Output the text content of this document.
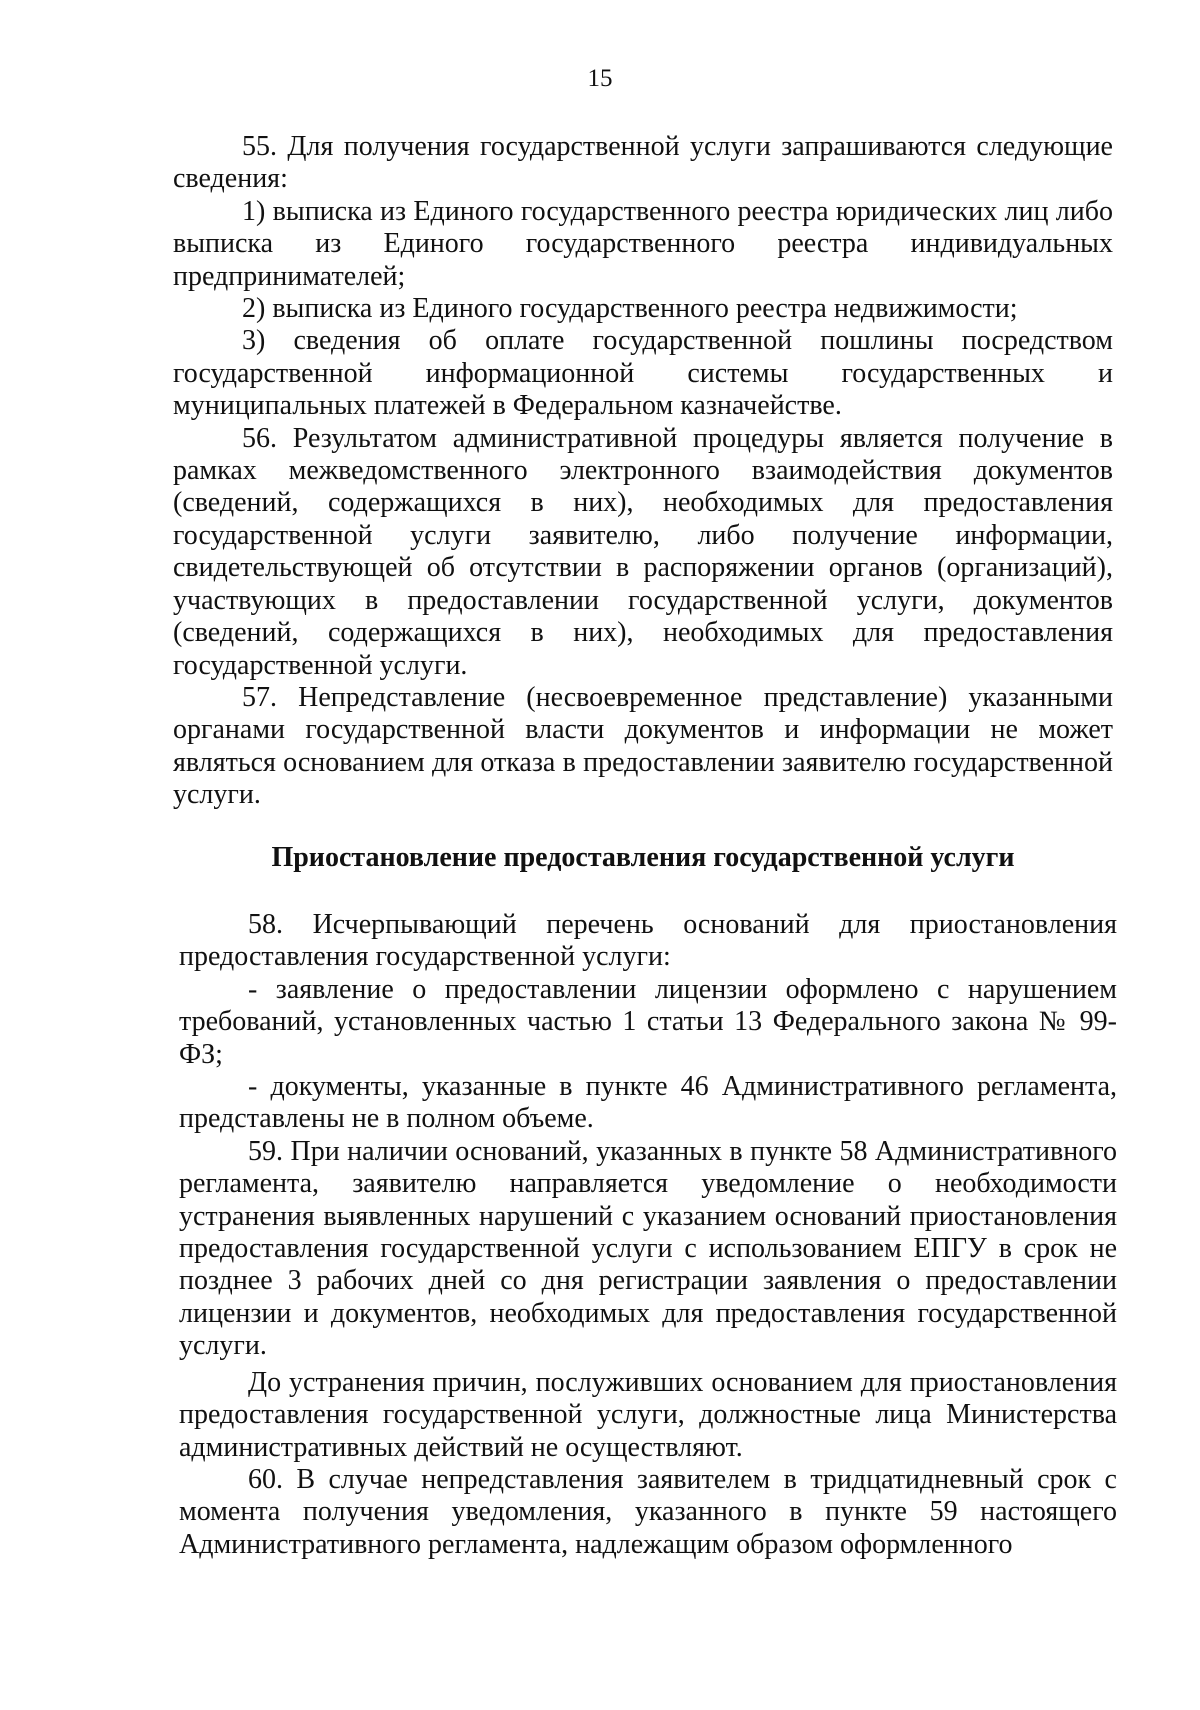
15

55. Для получения государственной услуги запрашиваются следующие сведения:

1) выписка из Единого государственного реестра юридических лиц либо выписка из Единого государственного реестра индивидуальных предпринимателей;

2) выписка из Единого государственного реестра недвижимости;

3) сведения об оплате государственной пошлины посредством государственной информационной системы государственных и муниципальных платежей в Федеральном казначействе.

56. Результатом административной процедуры является получение в рамках межведомственного электронного взаимодействия документов (сведений, содержащихся в них), необходимых для предоставления государственной услуги заявителю, либо получение информации, свидетельствующей об отсутствии в распоряжении органов (организаций), участвующих в предоставлении государственной услуги, документов (сведений, содержащихся в них), необходимых для предоставления государственной услуги.

57. Непредставление (несвоевременное представление) указанными органами государственной власти документов и информации не может являться основанием для отказа в предоставлении заявителю государственной услуги.

Приостановление предоставления государственной услуги

58. Исчерпывающий перечень оснований для приостановления предоставления государственной услуги:

- заявление о предоставлении лицензии оформлено с нарушением требований, установленных частью 1 статьи 13 Федерального закона № 99-ФЗ;

- документы, указанные в пункте 46 Административного регламента, представлены не в полном объеме.

59. При наличии оснований, указанных в пункте 58 Административного регламента, заявителю направляется уведомление о необходимости устранения выявленных нарушений с указанием оснований приостановления предоставления государственной услуги с использованием ЕПГУ в срок не позднее 3 рабочих дней со дня регистрации заявления о предоставлении лицензии и документов, необходимых для предоставления государственной услуги.

До устранения причин, послуживших основанием для приостановления предоставления государственной услуги, должностные лица Министерства административных действий не осуществляют.

60. В случае непредставления заявителем в тридцатидневный срок с момента получения уведомления, указанного в пункте 59 настоящего Административного регламента, надлежащим образом оформленного
